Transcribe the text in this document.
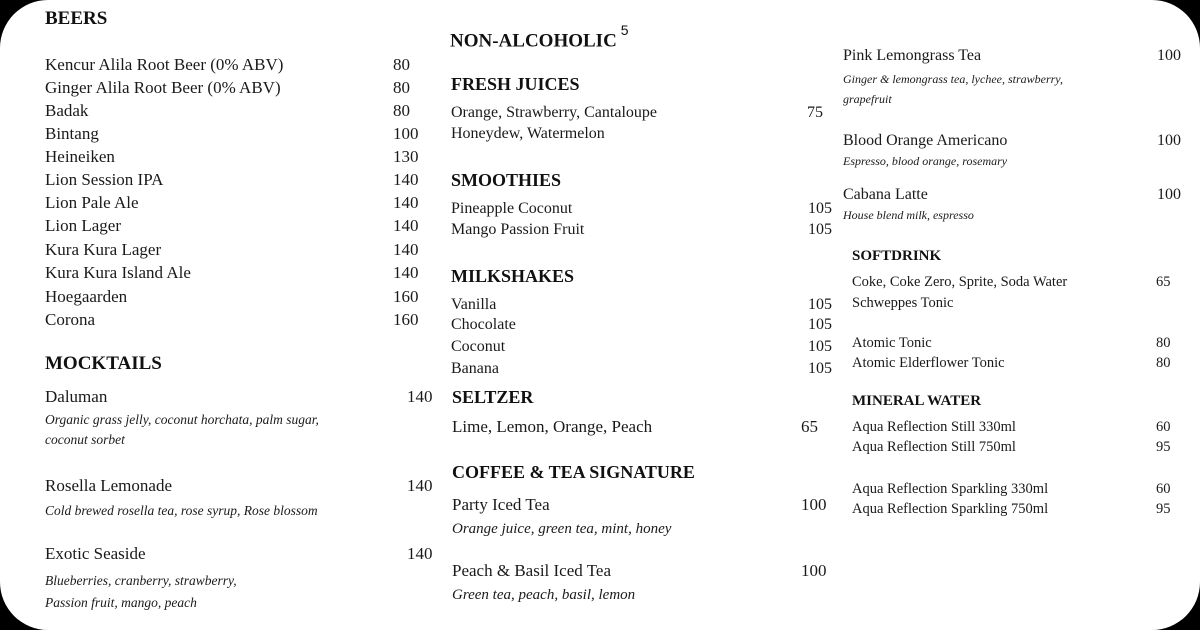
BEERS
Kencur Alila Root Beer (0% ABV)	80
Ginger Alila Root Beer (0% ABV)	80
Badak	80
Bintang	100
Heineiken	130
Lion Session IPA	140
Lion Pale Ale	140
Lion Lager	140
Kura Kura Lager	140
Kura Kura Island Ale	140
Hoegaarden	160
Corona	160
MOCKTAILS
Daluman	140
Organic grass jelly, coconut horchata, palm sugar,
coconut sorbet
Rosella Lemonade	140
Cold brewed rosella tea, rose syrup, Rose blossom
Exotic Seaside	140
Blueberries, cranberry, strawberry,
Passion fruit, mango, peach
NON-ALCOHOLIC$^5$
FRESH JUICES
Orange, Strawberry, Cantaloupe	75
Honeydew, Watermelon
SMOOTHIES
Pineapple Coconut	105
Mango Passion Fruit	105
MILKSHAKES
Vanilla	105
Chocolate	105
Coconut	105
Banana	105
SELTZER
Lime, Lemon, Orange, Peach	65
COFFEE & TEA SIGNATURE
Party Iced Tea	100
Orange juice, green tea, mint, honey
Peach & Basil Iced Tea	100
Green tea, peach, basil, lemon
Pink Lemongrass Tea	100
Ginger & lemongrass tea, lychee, strawberry,
grapefruit
Blood Orange Americano	100
Espresso, blood orange, rosemary
Cabana Latte	100
House blend milk, espresso
SOFTDRINK
Coke, Coke Zero, Sprite, Soda Water	65
Schweppes Tonic
Atomic Tonic	80
Atomic Elderflower Tonic	80
MINERAL WATER
Aqua Reflection Still 330ml	60
Aqua Reflection Still 750ml	95
Aqua Reflection Sparkling 330ml	60
Aqua Reflection Sparkling 750ml	95
